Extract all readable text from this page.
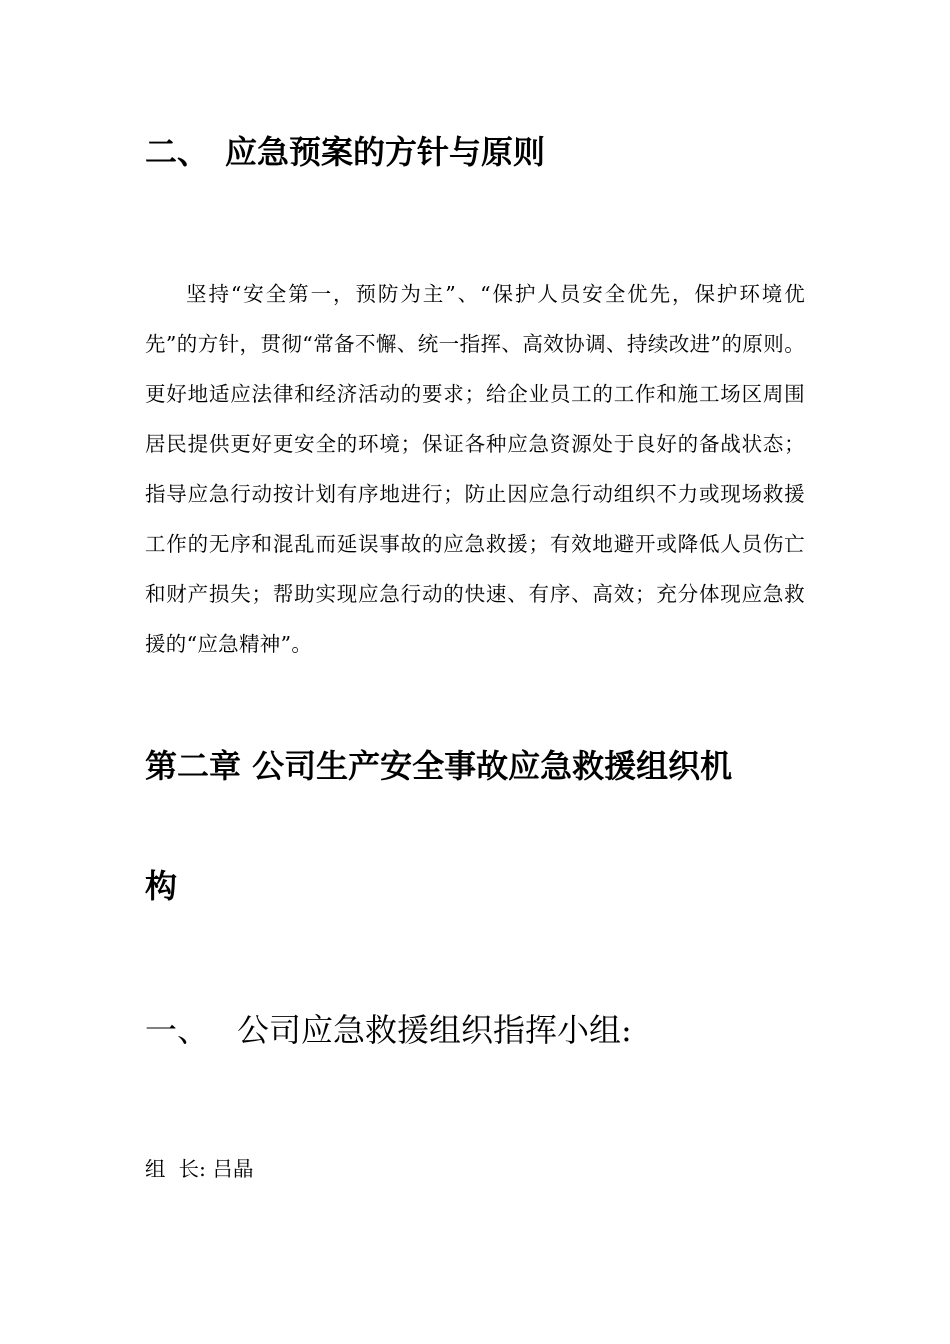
二、 应急预案的方针与原则

坚持“安全第一，预防为主”、“保护人员安全优先，保护环境优先”的方针，贯彻“常备不懈、统一指挥、高效协调、持续改进”的原则。更好地适应法律和经济活动的要求；给企业员工的工作和施工场区周围居民提供更好更安全的环境；保证各种应急资源处于良好的备战状态；指导应急行动按计划有序地进行；防止因应急行动组织不力或现场救援工作的无序和混乱而延误事故的应急救援；有效地避开或降低人员伤亡和财产损失；帮助实现应急行动的快速、有序、高效；充分体现应急救援的“应急精神”。

第二章 公司生产安全事故应急救援组织机
构
一、 公司应急救援组织指挥小组:

组  长: 吕晶
